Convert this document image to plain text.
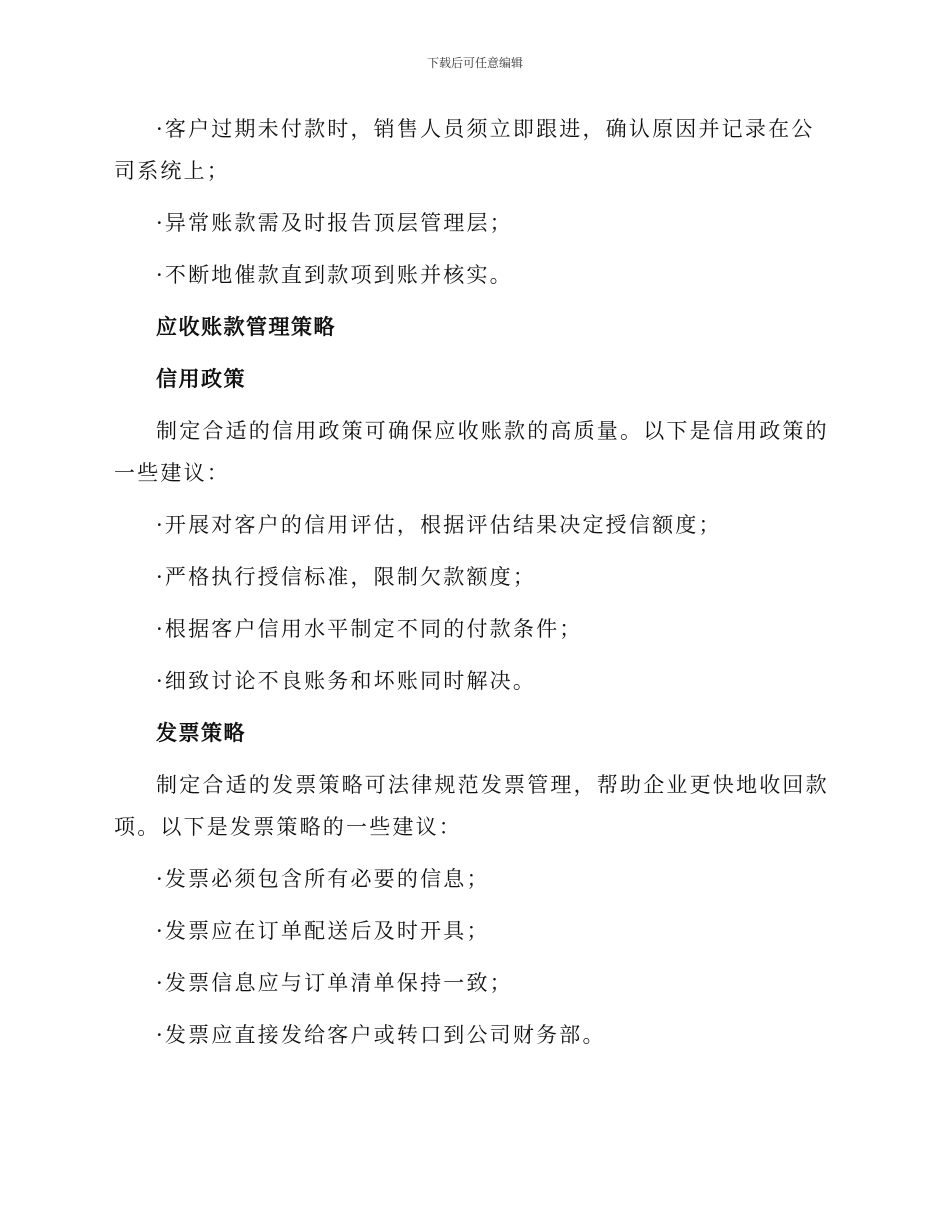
下载后可任意编辑

·客户过期未付款时，销售人员须立即跟进，确认原因并记录在公司系统上；

·异常账款需及时报告顶层管理层；

·不断地催款直到款项到账并核实。

应收账款管理策略
信用政策

制定合适的信用政策可确保应收账款的高质量。以下是信用政策的一些建议：

·开展对客户的信用评估，根据评估结果决定授信额度；

·严格执行授信标准，限制欠款额度；

·根据客户信用水平制定不同的付款条件；

·细致讨论不良账务和坏账同时解决。

发票策略

制定合适的发票策略可法律规范发票管理，帮助企业更快地收回款项。以下是发票策略的一些建议：

·发票必须包含所有必要的信息；

·发票应在订单配送后及时开具；

·发票信息应与订单清单保持一致；

·发票应直接发给客户或转口到公司财务部。
